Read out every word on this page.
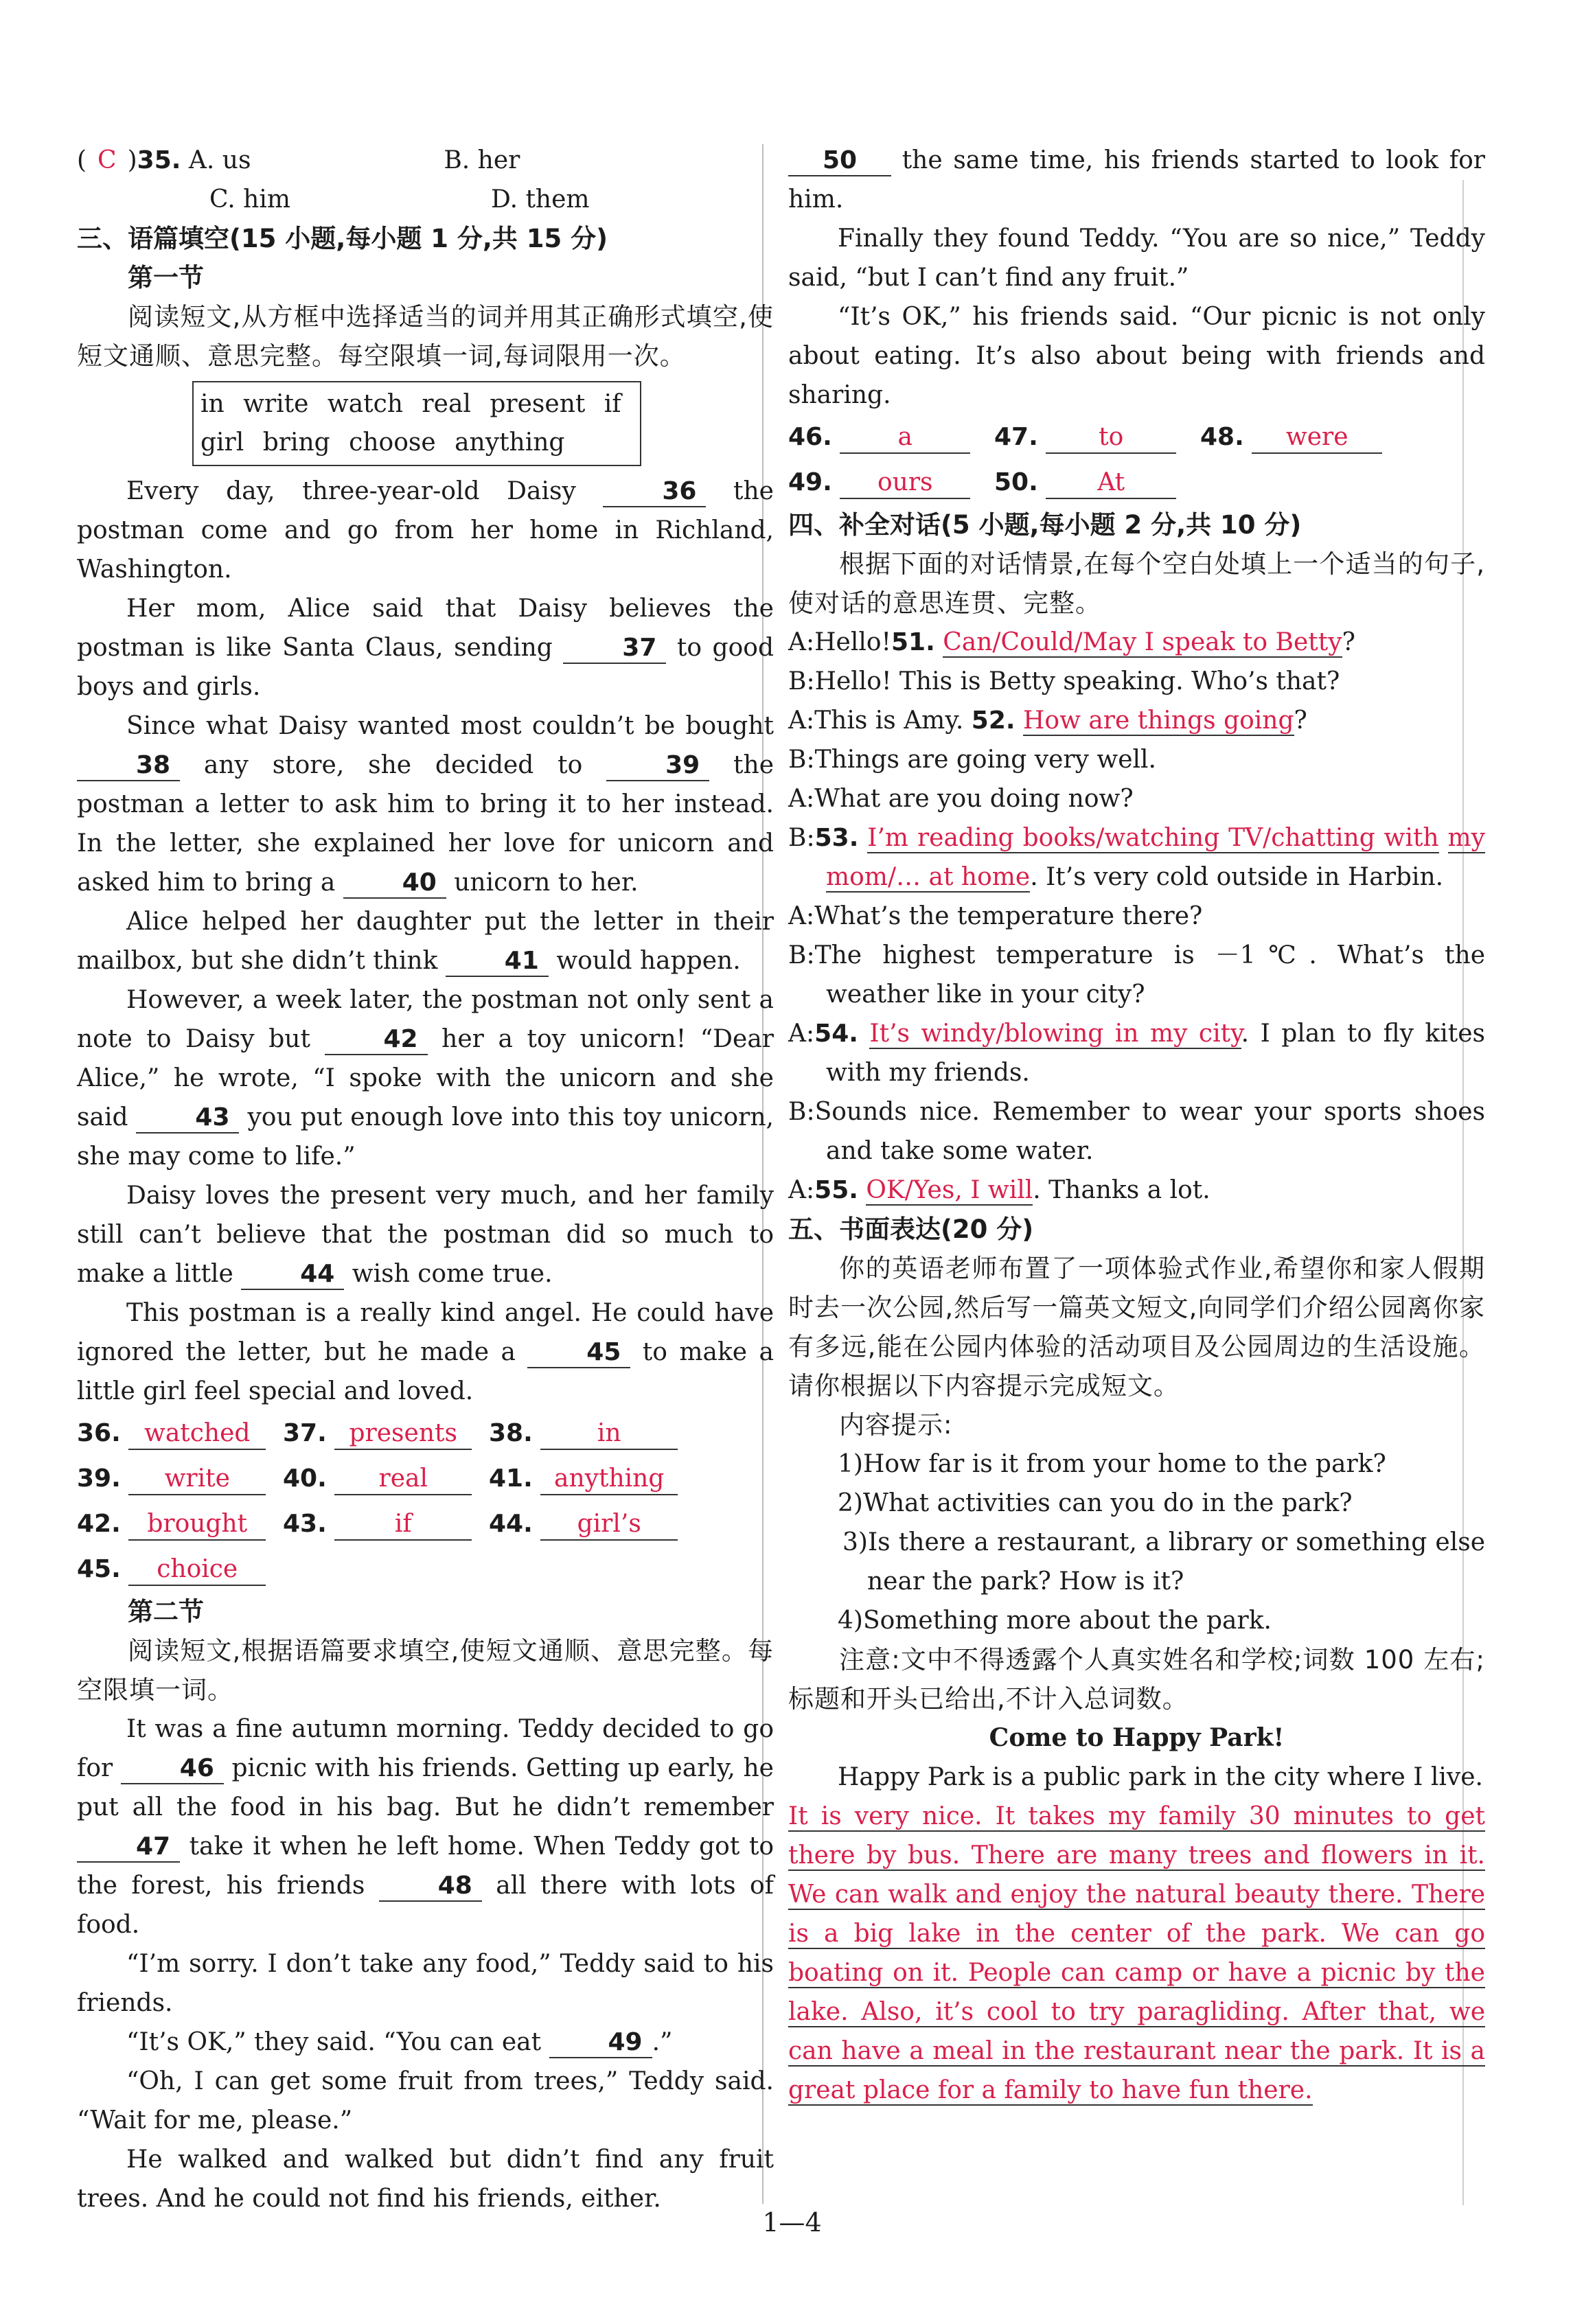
( C )35. A. us	B. her

C. him	D. them

三、语篇填空(15 小题,每小题 1 分,共 15 分)

第一节

阅读短文,从方框中选择适当的词并用其正确形式填空,使短文通顺、意思完整。每空限填一词,每词限用一次。

in write watch real present if
girl bring choose anything

Every day, three-year-old Daisy	36 the postman come and go from her home in Richland, Washington.

Her mom, Alice said that Daisy believes the postman is like Santa Claus, sending	37 to good boys and girls.

Since what Daisy wanted most couldn’t be bought 38 any store, she decided to	39 the postman a letter to ask him to bring it to her instead. In the letter, she explained her love for unicorn and asked him to bring a	40 unicorn to her.

Alice helped her daughter put the letter in their mailbox, but she didn’t think	41 would happen.

However, a week later, the postman not only sent a note to Daisy but	42 her a toy unicorn! “Dear Alice,” he wrote, “I spoke with the unicorn and she said	43 you put enough love into this toy unicorn, she may come to life.”

Daisy loves the present very much, and her family still can’t believe that the postman did so much to make a little	44 wish come true.

This postman is a really kind angel. He could have ignored the letter, but he made a	45 to make a little girl feel special and loved.

36. watched	37. presents	38.	in
39. write	40. real	41. anything
42. brought	43.	if	44. girl’s
45. choice

第二节

阅读短文,根据语篇要求填空,使短文通顺、意思完整。每空限填一词。

It was a fine autumn morning. Teddy decided to go for	46 picnic with his friends. Getting up early, he put all the food in his bag. But he didn’t remember 47 take it when he left home. When Teddy got to the forest, his friends	48 all there with lots of food.

“I’m sorry. I don’t take any food,” Teddy said to his friends.

“It’s OK,” they said. “You can eat	49 .”

“Oh, I can get some fruit from trees,” Teddy said. “Wait for me, please.”

He walked and walked but didn’t find any fruit trees. And he could not find his friends, either.

50 the same time, his friends started to look for him.

Finally they found Teddy. “You are so nice,” Teddy said, “but I can’t find any fruit.”

“It’s OK,” his friends said. “Our picnic is not only about eating. It’s also about being with friends and sharing.

46.	a	47. to	48. were
49. ours	50. At

四、补全对话(5 小题,每小题 2 分,共 10 分)

根据下面的对话情景,在每个空白处填上一个适当的句子,使对话的意思连贯、完整。

A:Hello!51. Can/Could/May I speak to Betty?

B:Hello! This is Betty speaking. Who’s that?

A:This is Amy. 52. How are things going?

B:Things are going very well.

A:What are you doing now?

B:53. I’m reading books/watching TV/chatting with my mom/… at home. It’s very cold outside in Harbin.

A:What’s the temperature there?

B:The highest temperature is －1℃. What’s the weather like in your city?

A:54. It’s windy/blowing in my city. I plan to fly kites with my friends.

B:Sounds nice. Remember to wear your sports shoes and take some water.

A:55. OK/Yes, I will. Thanks a lot.

五、书面表达(20 分)

你的英语老师布置了一项体验式作业,希望你和家人假期时去一次公园,然后写一篇英文短文,向同学们介绍公园离你家有多远,能在公园内体验的活动项目及公园周边的生活设施。请你根据以下内容提示完成短文。

内容提示:

1)How far is it from your home to the park?

2)What activities can you do in the park?

3)Is there a restaurant, a library or something else near the park? How is it?

4)Something more about the park.

注意:文中不得透露个人真实姓名和学校;词数 100 左右;标题和开头已给出,不计入总词数。

Come to Happy Park!

Happy Park is a public park in the city where I live.

It is very nice. It takes my family 30 minutes to get there by bus. There are many trees and flowers in it. We can walk and enjoy the natural beauty there. There is a big lake in the center of the park. We can go boating on it. People can camp or have a picnic by the lake. Also, it’s cool to try paragliding. After that, we can have a meal in the restaurant near the park. It is a great place for a family to have fun there.

1—4
